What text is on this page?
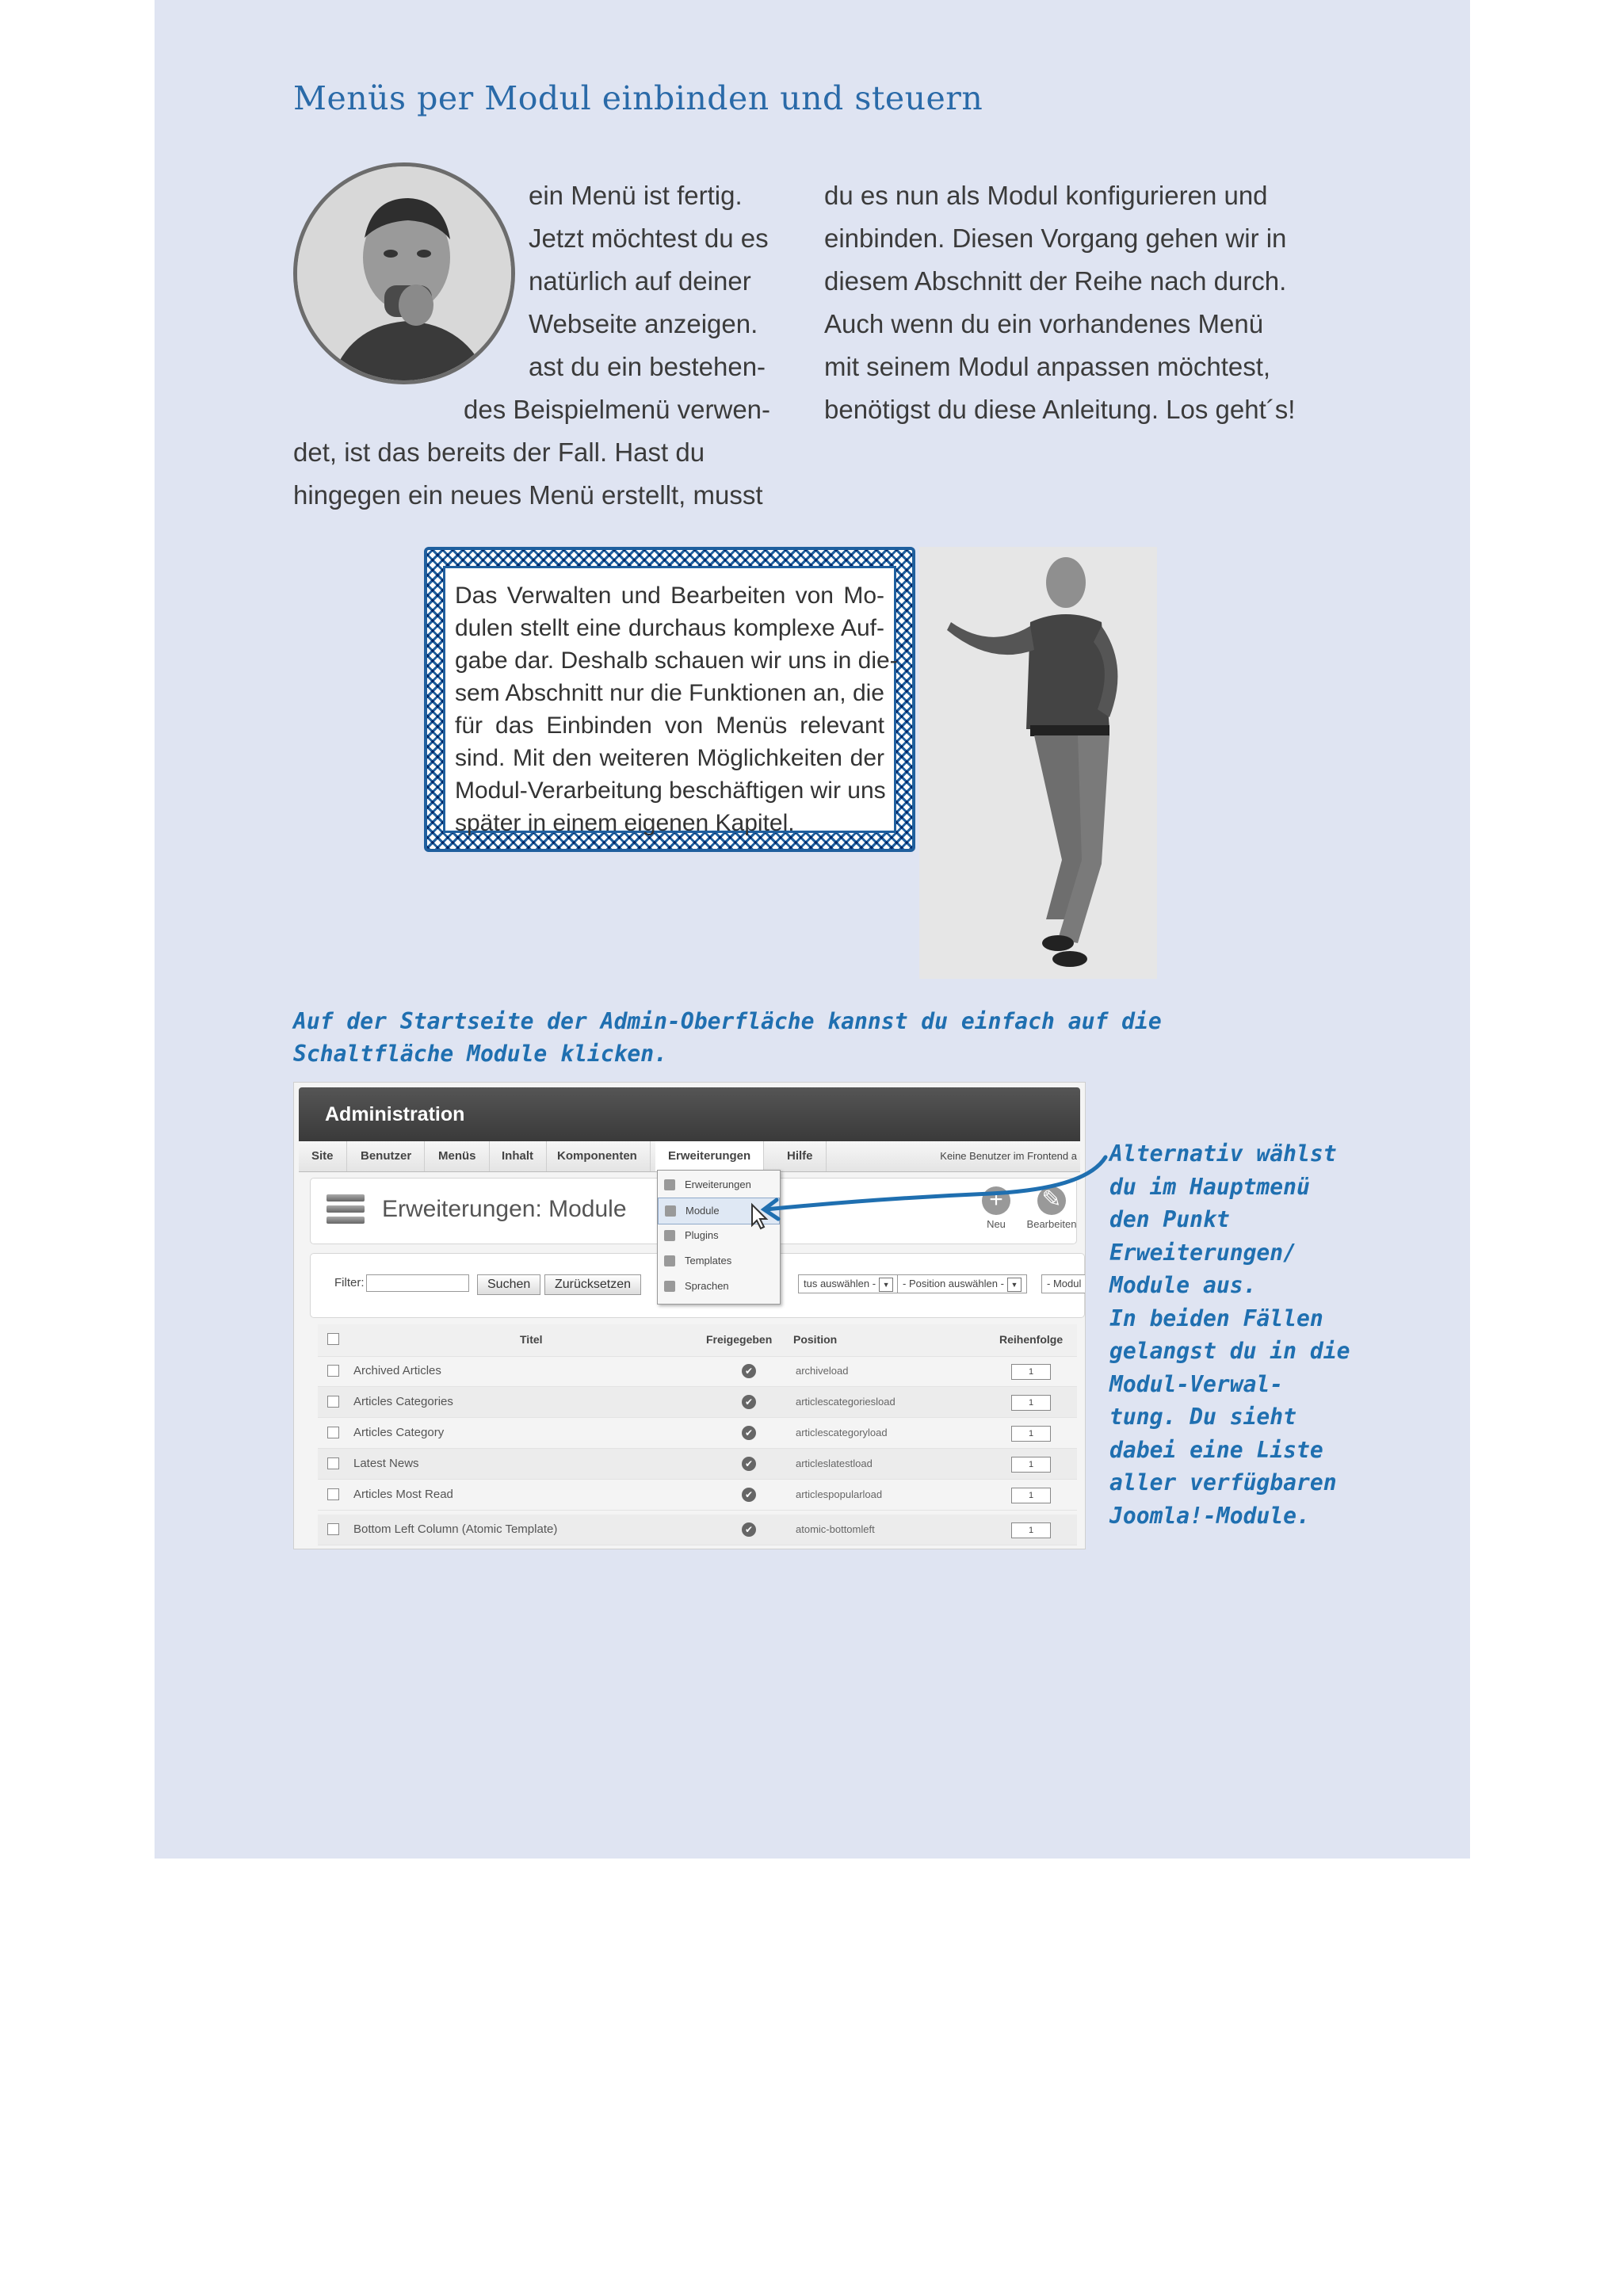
Menüs per Modul einbinden und steuern
ein Menü ist fertig.
Jetzt möchtest du es
natürlich auf deiner
Webseite anzeigen.
ast du ein bestehen-
des Beispielmenü verwen-
det, ist das bereits der Fall. Hast du
hingegen ein neues Menü erstellt, musst
du es nun als Modul konfigurieren und
einbinden. Diesen Vorgang gehen wir in
diesem Abschnitt der Reihe nach durch.
Auch wenn du ein vorhandenes Menü
mit seinem Modul anpassen möchtest,
benötigst du diese Anleitung. Los geht´s!
Das Verwalten und Bearbeiten von Mo-
dulen stellt eine durchaus komplexe Auf-
gabe dar. Deshalb schauen wir uns in die-
sem Abschnitt nur die Funktionen an, die
für das Einbinden von Menüs relevant
sind. Mit den weiteren Möglichkeiten der
Modul-Verarbeitung beschäftigen wir uns
später in einem eigenen Kapitel.
Auf der Startseite der Admin-Oberfläche kannst du einfach auf die
Schaltfläche Module klicken.
Administration
Site	Benutzer	Menüs	Inhalt	Komponenten	Erweiterungen	Hilfe	Keine Benutzer im Frontend a
Erweiterungen: Module	+
Neu
✎
Bearbeiten
Filter:	Suchen	Zurücksetzen	tus auswählen - ▼	- Position auswählen - ▼	- Modul
Titel	Freigegeben Position	Reihenfolge
Archived Articles	✔	archiveload	1
Articles Categories	✔	articlescategoriesload	1
Articles Category	✔	articlescategoryload	1
Latest News	✔	articleslatestload	1
Articles Most Read	✔	articlespopularload	1
Bottom Left Column (Atomic Template)	✔	atomic-bottomleft	1
Erweiterungen
Module
Plugins
Templates
Sprachen
Alternativ wählst
du im Hauptmenü
den Punkt
Erweiterungen/
Module aus.
In beiden Fällen
gelangst du in die
Modul-Verwal-
tung. Du sieht
dabei eine Liste
aller verfügbaren
Joomla!-Module.
